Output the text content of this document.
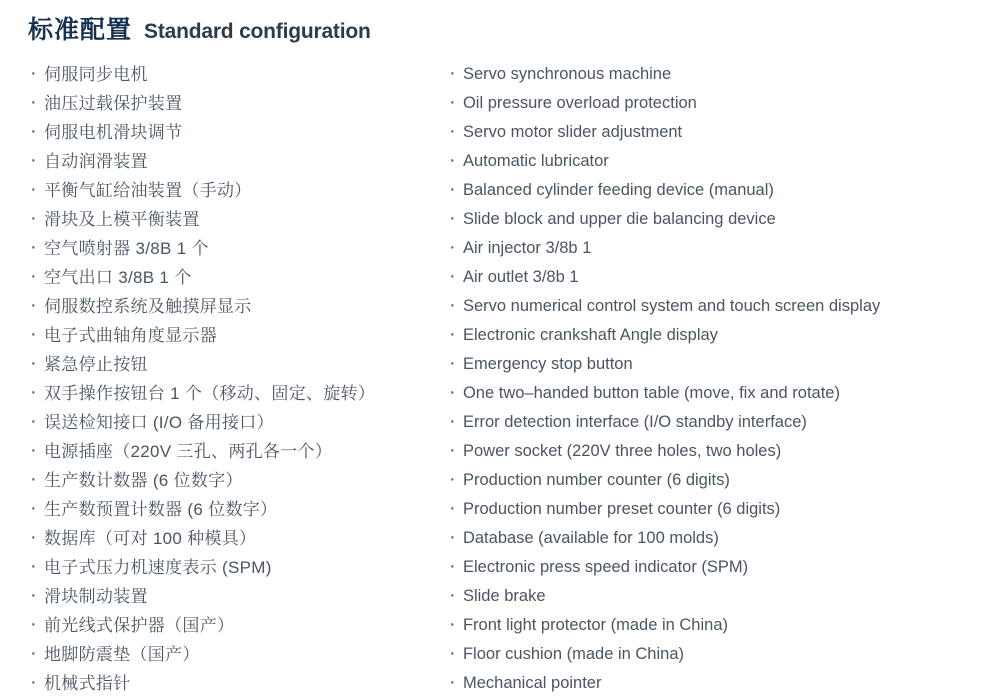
标准配置 Standard configuration
· 伺服同步电机
· 油压过载保护装置
· 伺服电机滑块调节
· 自动润滑装置
· 平衡气缸给油装置（手动）
· 滑块及上模平衡装置
· 空气喷射器 3/8B 1 个
· 空气出口 3/8B 1 个
· 伺服数控系统及触摸屏显示
· 电子式曲轴角度显示器
· 紧急停止按钮
· 双手操作按钮台 1 个（移动、固定、旋转）
· 误送检知接口 (I/O 备用接口）
· 电源插座（220V 三孔、两孔各一个）
· 生产数计数器 (6 位数字）
· 生产数预置计数器 (6 位数字）
· 数据库（可对 100 种模具）
· 电子式压力机速度表示 (SPM)
· 滑块制动装置
· 前光线式保护器（国产）
· 地脚防震垫（国产）
· 机械式指针
· Servo synchronous machine
· Oil pressure overload protection
· Servo motor slider adjustment
· Automatic lubricator
· Balanced cylinder feeding device (manual)
· Slide block and upper die balancing device
· Air injector 3/8b 1
· Air outlet 3/8b 1
· Servo numerical control system and touch screen display
· Electronic crankshaft Angle display
· Emergency stop button
· One two–handed button table (move, fix and rotate)
· Error detection interface (I/O standby interface)
· Power socket (220V three holes, two holes)
· Production number counter (6 digits)
· Production number preset counter (6 digits)
· Database (available for 100 molds)
· Electronic press speed indicator (SPM)
· Slide brake
· Front light protector (made in China)
· Floor cushion (made in China)
· Mechanical pointer
